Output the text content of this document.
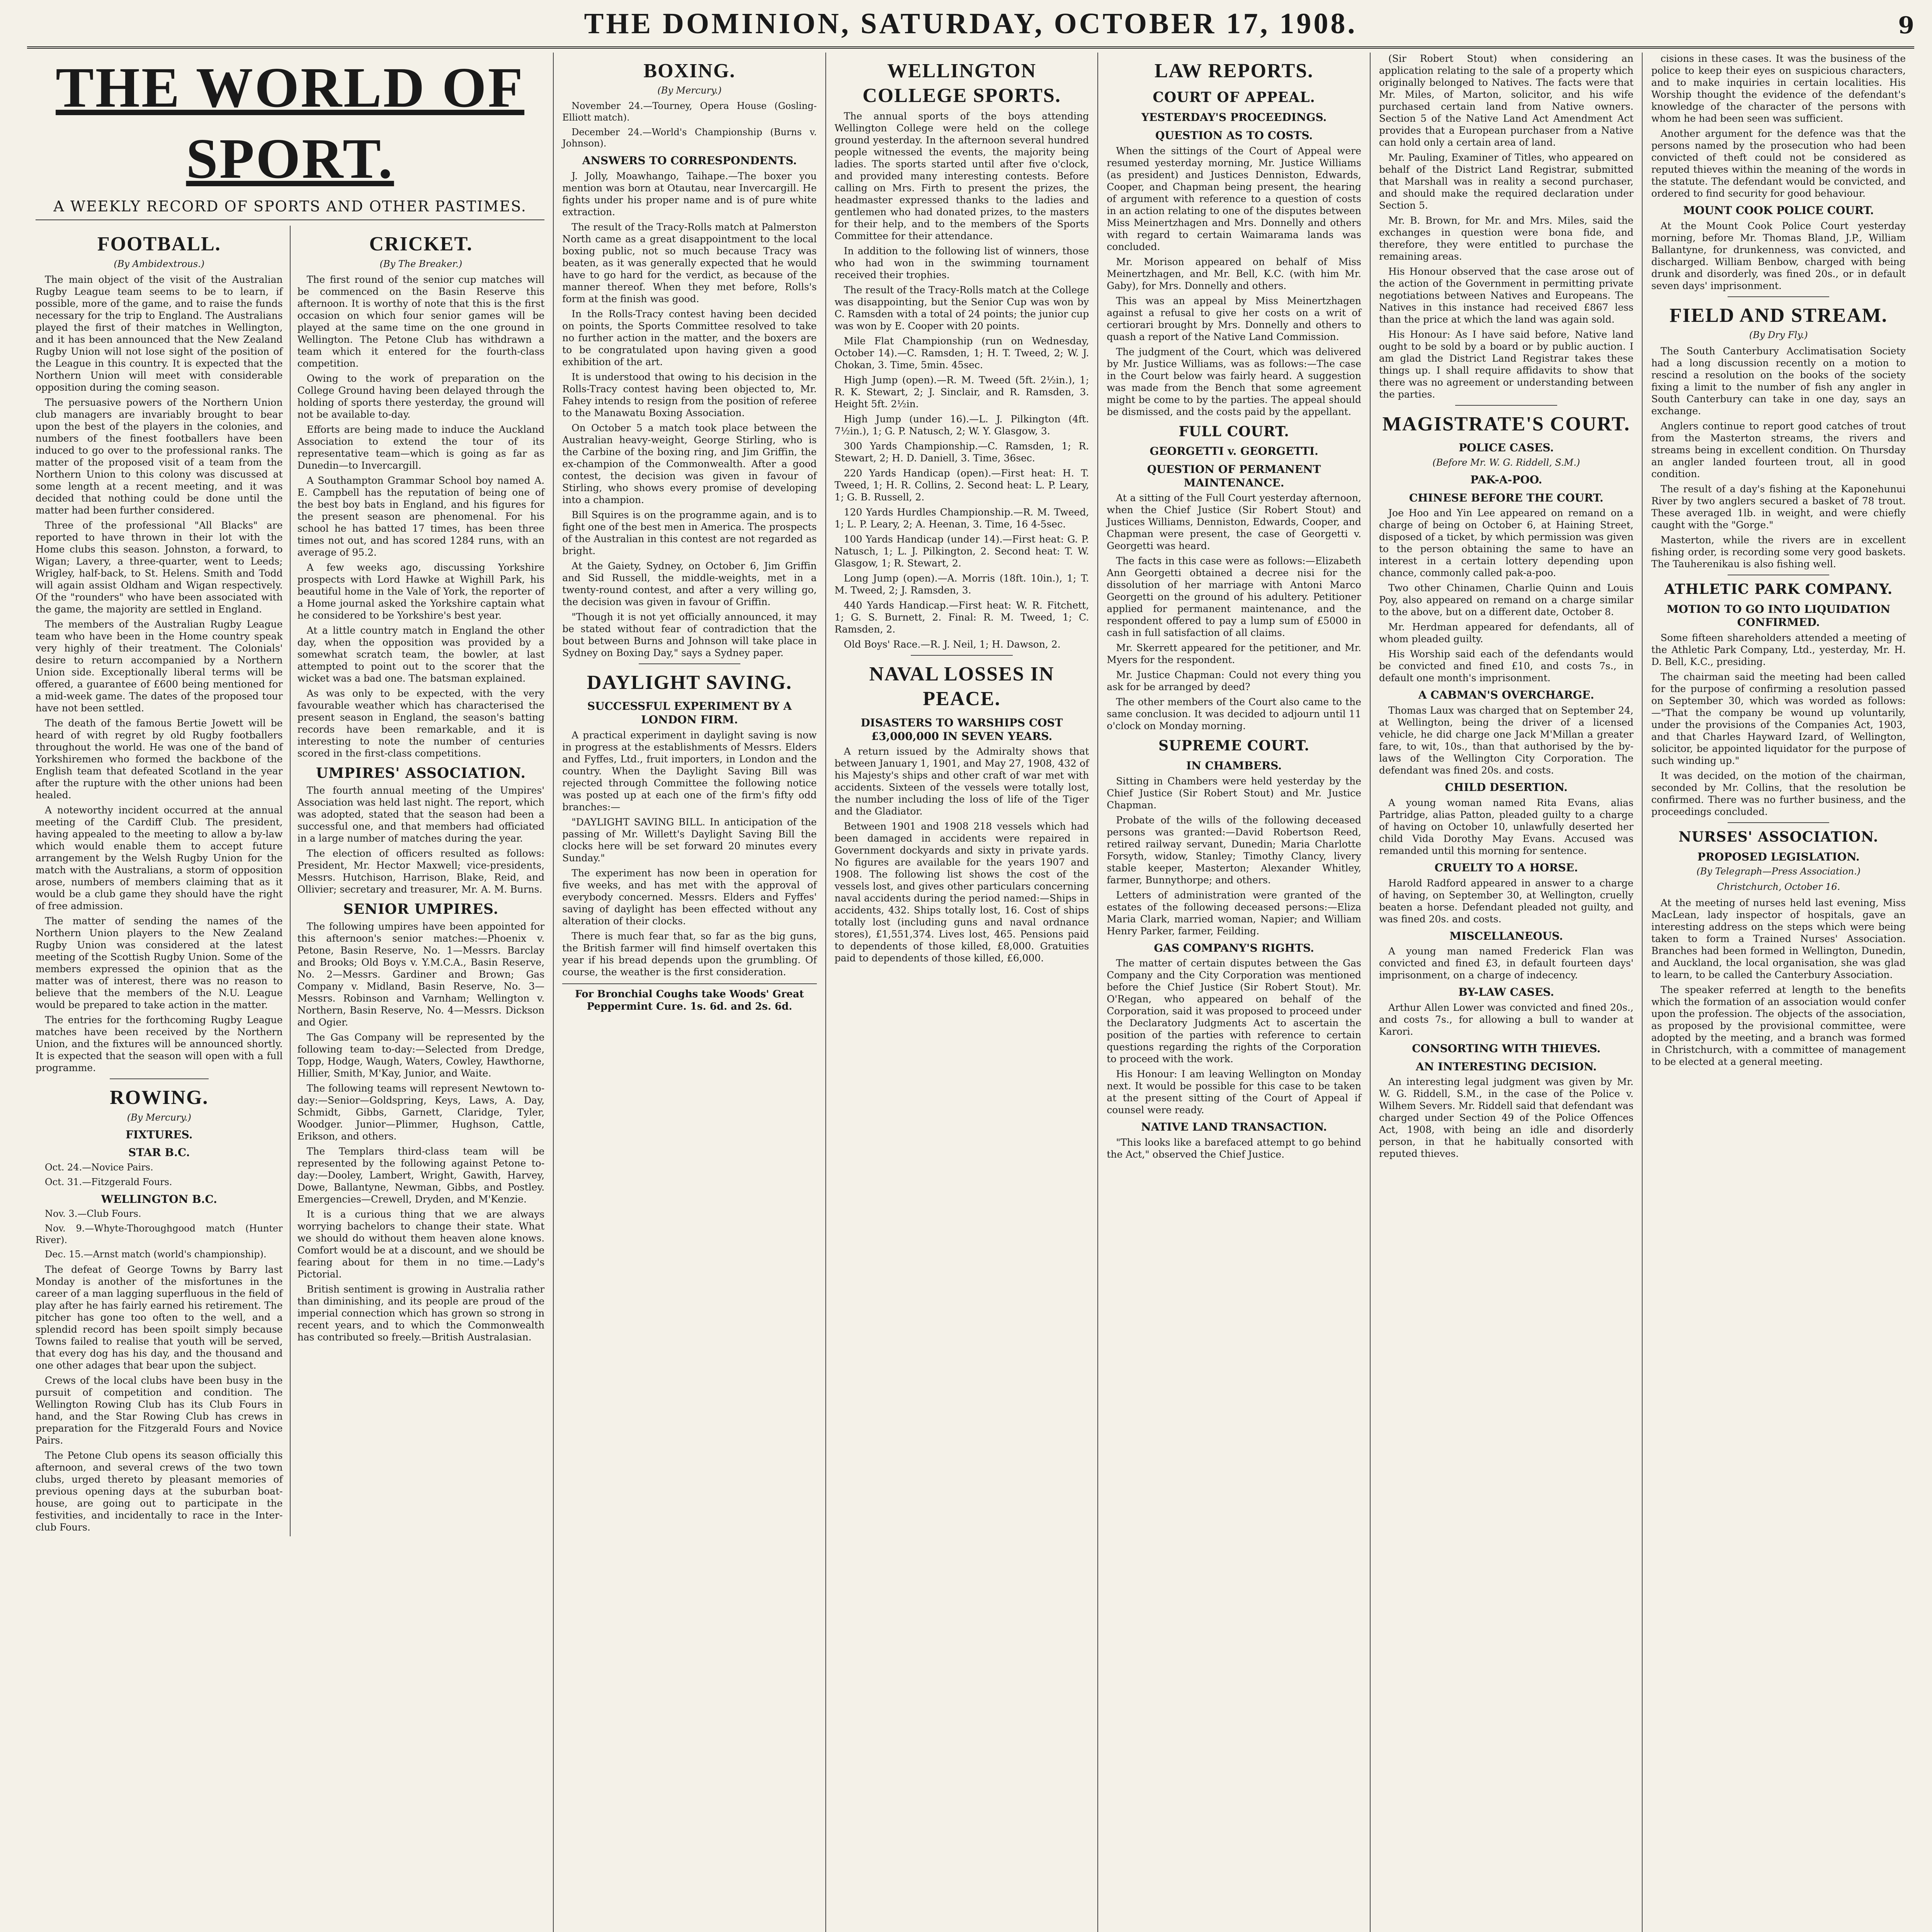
THE DOMINION, SATURDAY, OCTOBER 17, 1908.	9
THE WORLD OF SPORT.
A WEEKLY RECORD OF SPORTS AND OTHER PASTIMES.
FOOTBALL.
(By Ambidextrous.)

The main object of the visit of the Australian Rugby League team seems to be to learn, if possible, more of the game, and to raise the funds necessary for the trip to England. The Australians played the first of their matches in Wellington, and it has been announced that the New Zealand Rugby Union will not lose sight of the position of the League in this country. It is expected that the Northern Union will meet with considerable opposition during the coming season.

The persuasive powers of the Northern Union club managers are invariably brought to bear upon the best of the players in the colonies, and numbers of the finest footballers have been induced to go over to the professional ranks. The matter of the proposed visit of a team from the Northern Union to this colony was discussed at some length at a recent meeting, and it was decided that nothing could be done until the matter had been further considered.

Three of the professional "All Blacks" are reported to have thrown in their lot with the Home clubs this season. Johnston, a forward, to Wigan; Lavery, a three-quarter, went to Leeds; Wrigley, half-back, to St. Helens. Smith and Todd will again assist Oldham and Wigan respectively. Of the "rounders" who have been associated with the game, the majority are settled in England.

The members of the Australian Rugby League team who have been in the Home country speak very highly of their treatment. The Colonials' desire to return accompanied by a Northern Union side. Exceptionally liberal terms will be offered, a guarantee of £600 being mentioned for a mid-week game. The dates of the proposed tour have not been settled.

The death of the famous Bertie Jowett will be heard of with regret by old Rugby footballers throughout the world. He was one of the band of Yorkshiremen who formed the backbone of the English team that defeated Scotland in the year after the rupture with the other unions had been healed.

A noteworthy incident occurred at the annual meeting of the Cardiff Club. The president, having appealed to the meeting to allow a by-law which would enable them to accept future arrangement by the Welsh Rugby Union for the match with the Australians, a storm of opposition arose, numbers of members claiming that as it would be a club game they should have the right of free admission.

The matter of sending the names of the Northern Union players to the New Zealand Rugby Union was considered at the latest meeting of the Scottish Rugby Union. Some of the members expressed the opinion that as the matter was of interest, there was no reason to believe that the members of the N.U. League would be prepared to take action in the matter.

The entries for the forthcoming Rugby League matches have been received by the Northern Union, and the fixtures will be announced shortly. It is expected that the season will open with a full programme.

ROWING.
(By Mercury.)
FIXTURES.
STAR B.C.

Oct. 24.—Novice Pairs.

Oct. 31.—Fitzgerald Fours.

WELLINGTON B.C.

Nov. 3.—Club Fours.

Nov. 9.—Whyte-Thoroughgood match (Hunter River).

Dec. 15.—Arnst match (world's championship).

The defeat of George Towns by Barry last Monday is another of the misfortunes in the career of a man lagging superfluous in the field of play after he has fairly earned his retirement. The pitcher has gone too often to the well, and a splendid record has been spoilt simply because Towns failed to realise that youth will be served, that every dog has his day, and the thousand and one other adages that bear upon the subject.

Crews of the local clubs have been busy in the pursuit of competition and condition. The Wellington Rowing Club has its Club Fours in hand, and the Star Rowing Club has crews in preparation for the Fitzgerald Fours and Novice Pairs.

The Petone Club opens its season officially this afternoon, and several crews of the two town clubs, urged thereto by pleasant memories of previous opening days at the suburban boat-house, are going out to participate in the festivities, and incidentally to race in the Inter-club Fours.

CRICKET.
(By The Breaker.)

The first round of the senior cup matches will be commenced on the Basin Reserve this afternoon. It is worthy of note that this is the first occasion on which four senior games will be played at the same time on the one ground in Wellington. The Petone Club has withdrawn a team which it entered for the fourth-class competition.

Owing to the work of preparation on the College Ground having been delayed through the holding of sports there yesterday, the ground will not be available to-day.

Efforts are being made to induce the Auckland Association to extend the tour of its representative team—which is going as far as Dunedin—to Invercargill.

A Southampton Grammar School boy named A. E. Campbell has the reputation of being one of the best boy bats in England, and his figures for the present season are phenomenal. For his school he has batted 17 times, has been three times not out, and has scored 1284 runs, with an average of 95.2.

A few weeks ago, discussing Yorkshire prospects with Lord Hawke at Wighill Park, his beautiful home in the Vale of York, the reporter of a Home journal asked the Yorkshire captain what he considered to be Yorkshire's best year.

At a little country match in England the other day, when the opposition was provided by a somewhat scratch team, the bowler, at last attempted to point out to the scorer that the wicket was a bad one. The batsman explained.

As was only to be expected, with the very favourable weather which has characterised the present season in England, the season's batting records have been remarkable, and it is interesting to note the number of centuries scored in the first-class competitions.

UMPIRES' ASSOCIATION.

The fourth annual meeting of the Umpires' Association was held last night. The report, which was adopted, stated that the season had been a successful one, and that members had officiated in a large number of matches during the year.

The election of officers resulted as follows: President, Mr. Hector Maxwell; vice-presidents, Messrs. Hutchison, Harrison, Blake, Reid, and Ollivier; secretary and treasurer, Mr. A. M. Burns.

SENIOR UMPIRES.

The following umpires have been appointed for this afternoon's senior matches:—Phoenix v. Petone, Basin Reserve, No. 1—Messrs. Barclay and Brooks; Old Boys v. Y.M.C.A., Basin Reserve, No. 2—Messrs. Gardiner and Brown; Gas Company v. Midland, Basin Reserve, No. 3—Messrs. Robinson and Varnham; Wellington v. Northern, Basin Reserve, No. 4—Messrs. Dickson and Ogier.

The Gas Company will be represented by the following team to-day:—Selected from Dredge, Topp, Hodge, Waugh, Waters, Cowley, Hawthorne, Hillier, Smith, M'Kay, Junior, and Waite.

The following teams will represent Newtown to-day:—Senior—Goldspring, Keys, Laws, A. Day, Schmidt, Gibbs, Garnett, Claridge, Tyler, Woodger. Junior—Plimmer, Hughson, Cattle, Erikson, and others.

The Templars third-class team will be represented by the following against Petone to-day:—Dooley, Lambert, Wright, Gawith, Harvey, Dowe, Ballantyne, Newman, Gibbs, and Postley. Emergencies—Crewell, Dryden, and M'Kenzie.

It is a curious thing that we are always worrying bachelors to change their state. What we should do without them heaven alone knows. Comfort would be at a discount, and we should be fearing about for them in no time.—Lady's Pictorial.

British sentiment is growing in Australia rather than diminishing, and its people are proud of the imperial connection which has grown so strong in recent years, and to which the Commonwealth has contributed so freely.—British Australasian.

BOXING.
(By Mercury.)

November 24.—Tourney, Opera House (Gosling-Elliott match).

December 24.—World's Championship (Burns v. Johnson).

ANSWERS TO CORRESPONDENTS.

J. Jolly, Moawhango, Taihape.—The boxer you mention was born at Otautau, near Invercargill. He fights under his proper name and is of pure white extraction.

The result of the Tracy-Rolls match at Palmerston North came as a great disappointment to the local boxing public, not so much because Tracy was beaten, as it was generally expected that he would have to go hard for the verdict, as because of the manner thereof. When they met before, Rolls's form at the finish was good.

In the Rolls-Tracy contest having been decided on points, the Sports Committee resolved to take no further action in the matter, and the boxers are to be congratulated upon having given a good exhibition of the art.

It is understood that owing to his decision in the Rolls-Tracy contest having been objected to, Mr. Fahey intends to resign from the position of referee to the Manawatu Boxing Association.

On October 5 a match took place between the Australian heavy-weight, George Stirling, who is the Carbine of the boxing ring, and Jim Griffin, the ex-champion of the Commonwealth. After a good contest, the decision was given in favour of Stirling, who shows every promise of developing into a champion.

Bill Squires is on the programme again, and is to fight one of the best men in America. The prospects of the Australian in this contest are not regarded as bright.

At the Gaiety, Sydney, on October 6, Jim Griffin and Sid Russell, the middle-weights, met in a twenty-round contest, and after a very willing go, the decision was given in favour of Griffin.

"Though it is not yet officially announced, it may be stated without fear of contradiction that the bout between Burns and Johnson will take place in Sydney on Boxing Day," says a Sydney paper.

DAYLIGHT SAVING.
SUCCESSFUL EXPERIMENT BY A LONDON FIRM.

A practical experiment in daylight saving is now in progress at the establishments of Messrs. Elders and Fyffes, Ltd., fruit importers, in London and the country. When the Daylight Saving Bill was rejected through Committee the following notice was posted up at each one of the firm's fifty odd branches:—

"DAYLIGHT SAVING BILL. In anticipation of the passing of Mr. Willett's Daylight Saving Bill the clocks here will be set forward 20 minutes every Sunday."

The experiment has now been in operation for five weeks, and has met with the approval of everybody concerned. Messrs. Elders and Fyffes' saving of daylight has been effected without any alteration of their clocks.

There is much fear that, so far as the big guns, the British farmer will find himself overtaken this year if his bread depends upon the grumbling. Of course, the weather is the first consideration.

For Bronchial Coughs take Woods' Great Peppermint Cure. 1s. 6d. and 2s. 6d.
WELLINGTON COLLEGE SPORTS.

The annual sports of the boys attending Wellington College were held on the college ground yesterday. In the afternoon several hundred people witnessed the events, the majority being ladies. The sports started until after five o'clock, and provided many interesting contests. Before calling on Mrs. Firth to present the prizes, the headmaster expressed thanks to the ladies and gentlemen who had donated prizes, to the masters for their help, and to the members of the Sports Committee for their attendance.

In addition to the following list of winners, those who had won in the swimming tournament received their trophies.

The result of the Tracy-Rolls match at the College was disappointing, but the Senior Cup was won by C. Ramsden with a total of 24 points; the junior cup was won by E. Cooper with 20 points.

Mile Flat Championship (run on Wednesday, October 14).—C. Ramsden, 1; H. T. Tweed, 2; W. J. Chokan, 3. Time, 5min. 45sec.

High Jump (open).—R. M. Tweed (5ft. 2½in.), 1; R. K. Stewart, 2; J. Sinclair, and R. Ramsden, 3. Height 5ft. 2½in.

High Jump (under 16).—L. J. Pilkington (4ft. 7½in.), 1; G. P. Natusch, 2; W. Y. Glasgow, 3.

300 Yards Championship.—C. Ramsden, 1; R. Stewart, 2; H. D. Daniell, 3. Time, 36sec.

220 Yards Handicap (open).—First heat: H. T. Tweed, 1; H. R. Collins, 2. Second heat: L. P. Leary, 1; G. B. Russell, 2.

120 Yards Hurdles Championship.—R. M. Tweed, 1; L. P. Leary, 2; A. Heenan, 3. Time, 16 4-5sec.

100 Yards Handicap (under 14).—First heat: G. P. Natusch, 1; L. J. Pilkington, 2. Second heat: T. W. Glasgow, 1; R. Stewart, 2.

Long Jump (open).—A. Morris (18ft. 10in.), 1; T. M. Tweed, 2; J. Ramsden, 3.

440 Yards Handicap.—First heat: W. R. Fitchett, 1; G. S. Burnett, 2. Final: R. M. Tweed, 1; C. Ramsden, 2.

Old Boys' Race.—R. J. Neil, 1; H. Dawson, 2.

NAVAL LOSSES IN PEACE.
DISASTERS TO WARSHIPS COST £3,000,000 IN SEVEN YEARS.

A return issued by the Admiralty shows that between January 1, 1901, and May 27, 1908, 432 of his Majesty's ships and other craft of war met with accidents. Sixteen of the vessels were totally lost, the number including the loss of life of the Tiger and the Gladiator.

Between 1901 and 1908 218 vessels which had been damaged in accidents were repaired in Government dockyards and sixty in private yards. No figures are available for the years 1907 and 1908. The following list shows the cost of the vessels lost, and gives other particulars concerning naval accidents during the period named:—Ships in accidents, 432. Ships totally lost, 16. Cost of ships totally lost (including guns and naval ordnance stores), £1,551,374. Lives lost, 465. Pensions paid to dependents of those killed, £8,000. Gratuities paid to dependents of those killed, £6,000.

LAW REPORTS.
COURT OF APPEAL.
YESTERDAY'S PROCEEDINGS.
QUESTION AS TO COSTS.

When the sittings of the Court of Appeal were resumed yesterday morning, Mr. Justice Williams (as president) and Justices Denniston, Edwards, Cooper, and Chapman being present, the hearing of argument with reference to a question of costs in an action relating to one of the disputes between Miss Meinertzhagen and Mrs. Donnelly and others with regard to certain Waimarama lands was concluded.

Mr. Morison appeared on behalf of Miss Meinertzhagen, and Mr. Bell, K.C. (with him Mr. Gaby), for Mrs. Donnelly and others.

This was an appeal by Miss Meinertzhagen against a refusal to give her costs on a writ of certiorari brought by Mrs. Donnelly and others to quash a report of the Native Land Commission.

The judgment of the Court, which was delivered by Mr. Justice Williams, was as follows:—The case in the Court below was fairly heard. A suggestion was made from the Bench that some agreement might be come to by the parties. The appeal should be dismissed, and the costs paid by the appellant.

FULL COURT.
GEORGETTI v. GEORGETTI.
QUESTION OF PERMANENT MAINTENANCE.

At a sitting of the Full Court yesterday afternoon, when the Chief Justice (Sir Robert Stout) and Justices Williams, Denniston, Edwards, Cooper, and Chapman were present, the case of Georgetti v. Georgetti was heard.

The facts in this case were as follows:—Elizabeth Ann Georgetti obtained a decree nisi for the dissolution of her marriage with Antoni Marco Georgetti on the ground of his adultery. Petitioner applied for permanent maintenance, and the respondent offered to pay a lump sum of £5000 in cash in full satisfaction of all claims.

Mr. Skerrett appeared for the petitioner, and Mr. Myers for the respondent.

Mr. Justice Chapman: Could not every thing you ask for be arranged by deed?

The other members of the Court also came to the same conclusion. It was decided to adjourn until 11 o'clock on Monday morning.

SUPREME COURT.
IN CHAMBERS.

Sitting in Chambers were held yesterday by the Chief Justice (Sir Robert Stout) and Mr. Justice Chapman.

Probate of the wills of the following deceased persons was granted:—David Robertson Reed, retired railway servant, Dunedin; Maria Charlotte Forsyth, widow, Stanley; Timothy Clancy, livery stable keeper, Masterton; Alexander Whitley, farmer, Bunnythorpe; and others.

Letters of administration were granted of the estates of the following deceased persons:—Eliza Maria Clark, married woman, Napier; and William Henry Parker, farmer, Feilding.

GAS COMPANY'S RIGHTS.

The matter of certain disputes between the Gas Company and the City Corporation was mentioned before the Chief Justice (Sir Robert Stout). Mr. O'Regan, who appeared on behalf of the Corporation, said it was proposed to proceed under the Declaratory Judgments Act to ascertain the position of the parties with reference to certain questions regarding the rights of the Corporation to proceed with the work.

His Honour: I am leaving Wellington on Monday next. It would be possible for this case to be taken at the present sitting of the Court of Appeal if counsel were ready.

NATIVE LAND TRANSACTION.

"This looks like a barefaced attempt to go behind the Act," observed the Chief Justice.

(Sir Robert Stout) when considering an application relating to the sale of a property which originally belonged to Natives. The facts were that Mr. Miles, of Marton, solicitor, and his wife purchased certain land from Native owners. Section 5 of the Native Land Act Amendment Act provides that a European purchaser from a Native can hold only a certain area of land.

Mr. Pauling, Examiner of Titles, who appeared on behalf of the District Land Registrar, submitted that Marshall was in reality a second purchaser, and should make the required declaration under Section 5.

Mr. B. Brown, for Mr. and Mrs. Miles, said the exchanges in question were bona fide, and therefore, they were entitled to purchase the remaining areas.

His Honour observed that the case arose out of the action of the Government in permitting private negotiations between Natives and Europeans. The Natives in this instance had received £867 less than the price at which the land was again sold.

His Honour: As I have said before, Native land ought to be sold by a board or by public auction. I am glad the District Land Registrar takes these things up. I shall require affidavits to show that there was no agreement or understanding between the parties.

MAGISTRATE'S COURT.
POLICE CASES.
(Before Mr. W. G. Riddell, S.M.)
PAK-A-POO.
CHINESE BEFORE THE COURT.

Joe Hoo and Yin Lee appeared on remand on a charge of being on October 6, at Haining Street, disposed of a ticket, by which permission was given to the person obtaining the same to have an interest in a certain lottery depending upon chance, commonly called pak-a-poo.

Two other Chinamen, Charlie Quinn and Louis Poy, also appeared on remand on a charge similar to the above, but on a different date, October 8.

Mr. Herdman appeared for defendants, all of whom pleaded guilty.

His Worship said each of the defendants would be convicted and fined £10, and costs 7s., in default one month's imprisonment.

A CABMAN'S OVERCHARGE.

Thomas Laux was charged that on September 24, at Wellington, being the driver of a licensed vehicle, he did charge one Jack M'Millan a greater fare, to wit, 10s., than that authorised by the by-laws of the Wellington City Corporation. The defendant was fined 20s. and costs.

CHILD DESERTION.

A young woman named Rita Evans, alias Partridge, alias Patton, pleaded guilty to a charge of having on October 10, unlawfully deserted her child Vida Dorothy May Evans. Accused was remanded until this morning for sentence.

CRUELTY TO A HORSE.

Harold Radford appeared in answer to a charge of having, on September 30, at Wellington, cruelly beaten a horse. Defendant pleaded not guilty, and was fined 20s. and costs.

MISCELLANEOUS.

A young man named Frederick Flan was convicted and fined £3, in default fourteen days' imprisonment, on a charge of indecency.

BY-LAW CASES.

Arthur Allen Lower was convicted and fined 20s., and costs 7s., for allowing a bull to wander at Karori.

CONSORTING WITH THIEVES.
AN INTERESTING DECISION.

An interesting legal judgment was given by Mr. W. G. Riddell, S.M., in the case of the Police v. Wilhem Severs. Mr. Riddell said that defendant was charged under Section 49 of the Police Offences Act, 1908, with being an idle and disorderly person, in that he habitually consorted with reputed thieves.

cisions in these cases. It was the business of the police to keep their eyes on suspicious characters, and to make inquiries in certain localities. His Worship thought the evidence of the defendant's knowledge of the character of the persons with whom he had been seen was sufficient.

Another argument for the defence was that the persons named by the prosecution who had been convicted of theft could not be considered as reputed thieves within the meaning of the words in the statute. The defendant would be convicted, and ordered to find security for good behaviour.

MOUNT COOK POLICE COURT.

At the Mount Cook Police Court yesterday morning, before Mr. Thomas Bland, J.P., William Ballantyne, for drunkenness, was convicted, and discharged. William Benbow, charged with being drunk and disorderly, was fined 20s., or in default seven days' imprisonment.

FIELD AND STREAM.
(By Dry Fly.)

The South Canterbury Acclimatisation Society had a long discussion recently on a motion to rescind a resolution on the books of the society fixing a limit to the number of fish any angler in South Canterbury can take in one day, says an exchange.

Anglers continue to report good catches of trout from the Masterton streams, the rivers and streams being in excellent condition. On Thursday an angler landed fourteen trout, all in good condition.

The result of a day's fishing at the Kaponehunui River by two anglers secured a basket of 78 trout. These averaged 1lb. in weight, and were chiefly caught with the "Gorge."

Masterton, while the rivers are in excellent fishing order, is recording some very good baskets. The Tauherenikau is also fishing well.

ATHLETIC PARK COMPANY.
MOTION TO GO INTO LIQUIDATION CONFIRMED.

Some fifteen shareholders attended a meeting of the Athletic Park Company, Ltd., yesterday, Mr. H. D. Bell, K.C., presiding.

The chairman said the meeting had been called for the purpose of confirming a resolution passed on September 30, which was worded as follows:—"That the company be wound up voluntarily, under the provisions of the Companies Act, 1903, and that Charles Hayward Izard, of Wellington, solicitor, be appointed liquidator for the purpose of such winding up."

It was decided, on the motion of the chairman, seconded by Mr. Collins, that the resolution be confirmed. There was no further business, and the proceedings concluded.

NURSES' ASSOCIATION.
PROPOSED LEGISLATION.
(By Telegraph—Press Association.)
Christchurch, October 16.

At the meeting of nurses held last evening, Miss MacLean, lady inspector of hospitals, gave an interesting address on the steps which were being taken to form a Trained Nurses' Association. Branches had been formed in Wellington, Dunedin, and Auckland, the local organisation, she was glad to learn, to be called the Canterbury Association.

The speaker referred at length to the benefits which the formation of an association would confer upon the profession. The objects of the association, as proposed by the provisional committee, were adopted by the meeting, and a branch was formed in Christchurch, with a committee of management to be elected at a general meeting.
